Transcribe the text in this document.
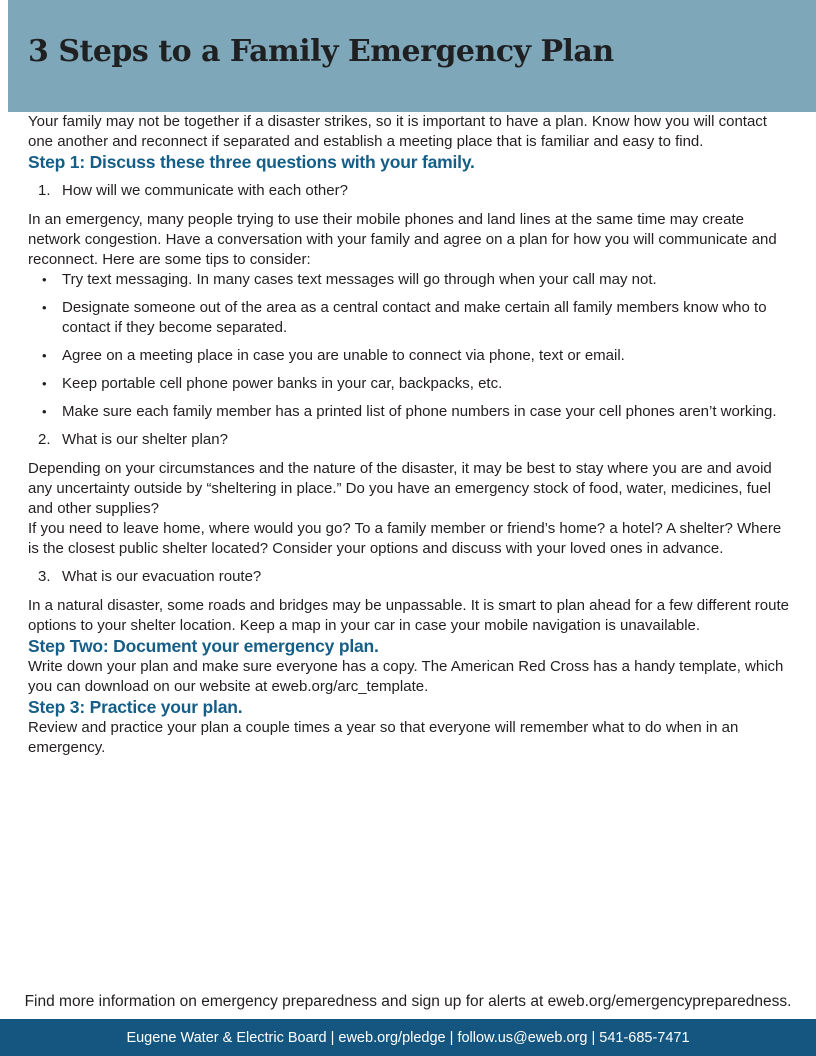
3 Steps to a Family Emergency Plan

Your family may not be together if a disaster strikes, so it is important to have a plan. Know how you will contact one another and reconnect if separated and establish a meeting place that is familiar and easy to find.

Step 1: Discuss these three questions with your family.
1. How will we communicate with each other?

In an emergency, many people trying to use their mobile phones and land lines at the same time may create network congestion. Have a conversation with your family and agree on a plan for how you will communicate and reconnect. Here are some tips to consider:

• Try text messaging. In many cases text messages will go through when your call may not.
• Designate someone out of the area as a central contact and make certain all family members know who to contact if they become separated.
• Agree on a meeting place in case you are unable to connect via phone, text or email.
• Keep portable cell phone power banks in your car, backpacks, etc.
• Make sure each family member has a printed list of phone numbers in case your cell phones aren’t working.
2. What is our shelter plan?

Depending on your circumstances and the nature of the disaster, it may be best to stay where you are and avoid any uncertainty outside by “sheltering in place.” Do you have an emergency stock of food, water, medicines, fuel and other supplies?

If you need to leave home, where would you go? To a family member or friend’s home? a hotel? A shelter? Where is the closest public shelter located? Consider your options and discuss with your loved ones in advance.

3. What is our evacuation route?

In a natural disaster, some roads and bridges may be unpassable. It is smart to plan ahead for a few different route options to your shelter location. Keep a map in your car in case your mobile navigation is unavailable.

Step Two: Document your emergency plan.

Write down your plan and make sure everyone has a copy. The American Red Cross has a handy template, which you can download on our website at eweb.org/arc_template.

Step 3: Practice your plan.

Review and practice your plan a couple times a year so that everyone will remember what to do when in an emergency.

Find more information on emergency preparedness and sign up for alerts at eweb.org/emergencypreparedness.
Eugene Water & Electric Board | eweb.org/pledge | follow.us@eweb.org | 541-685-7471
